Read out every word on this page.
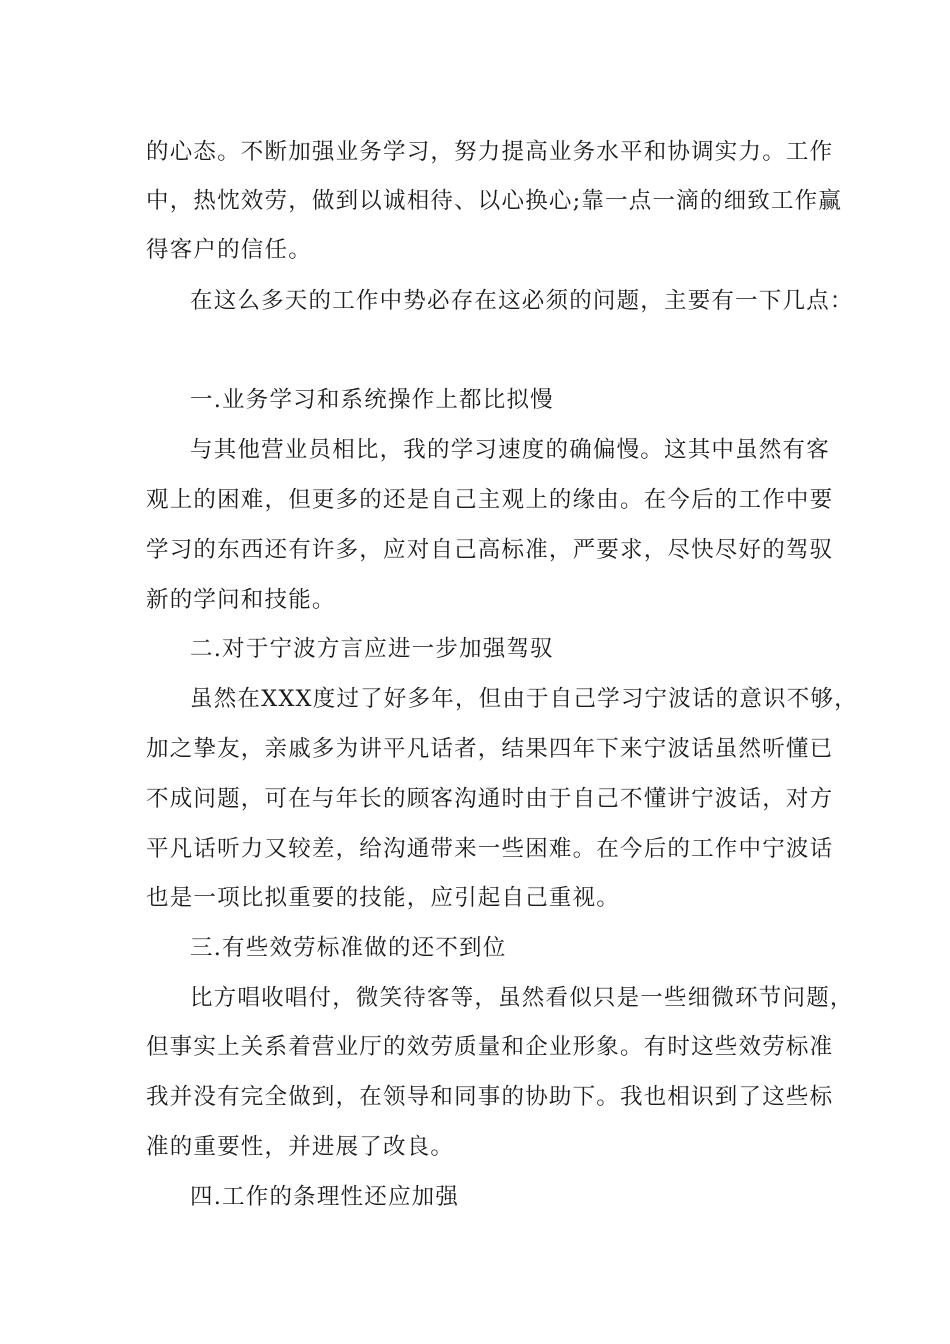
的心态。不断加强业务学习，努力提高业务水平和协调实力。工作
中，热忱效劳，做到以诚相待、以心换心;靠一点一滴的细致工作赢
得客户的信任。
在这么多天的工作中势必存在这必须的问题，主要有一下几点：
一.业务学习和系统操作上都比拟慢
与其他营业员相比，我的学习速度的确偏慢。这其中虽然有客
观上的困难，但更多的还是自己主观上的缘由。在今后的工作中要
学习的东西还有许多，应对自己高标准，严要求，尽快尽好的驾驭
新的学问和技能。
二.对于宁波方言应进一步加强驾驭
虽然在XXX度过了好多年，但由于自己学习宁波话的意识不够，
加之挚友，亲戚多为讲平凡话者，结果四年下来宁波话虽然听懂已
不成问题，可在与年长的顾客沟通时由于自己不懂讲宁波话，对方
平凡话听力又较差，给沟通带来一些困难。在今后的工作中宁波话
也是一项比拟重要的技能，应引起自己重视。
三.有些效劳标准做的还不到位
比方唱收唱付，微笑待客等，虽然看似只是一些细微环节问题，
但事实上关系着营业厅的效劳质量和企业形象。有时这些效劳标准
我并没有完全做到，在领导和同事的协助下。我也相识到了这些标
准的重要性，并进展了改良。
四.工作的条理性还应加强
